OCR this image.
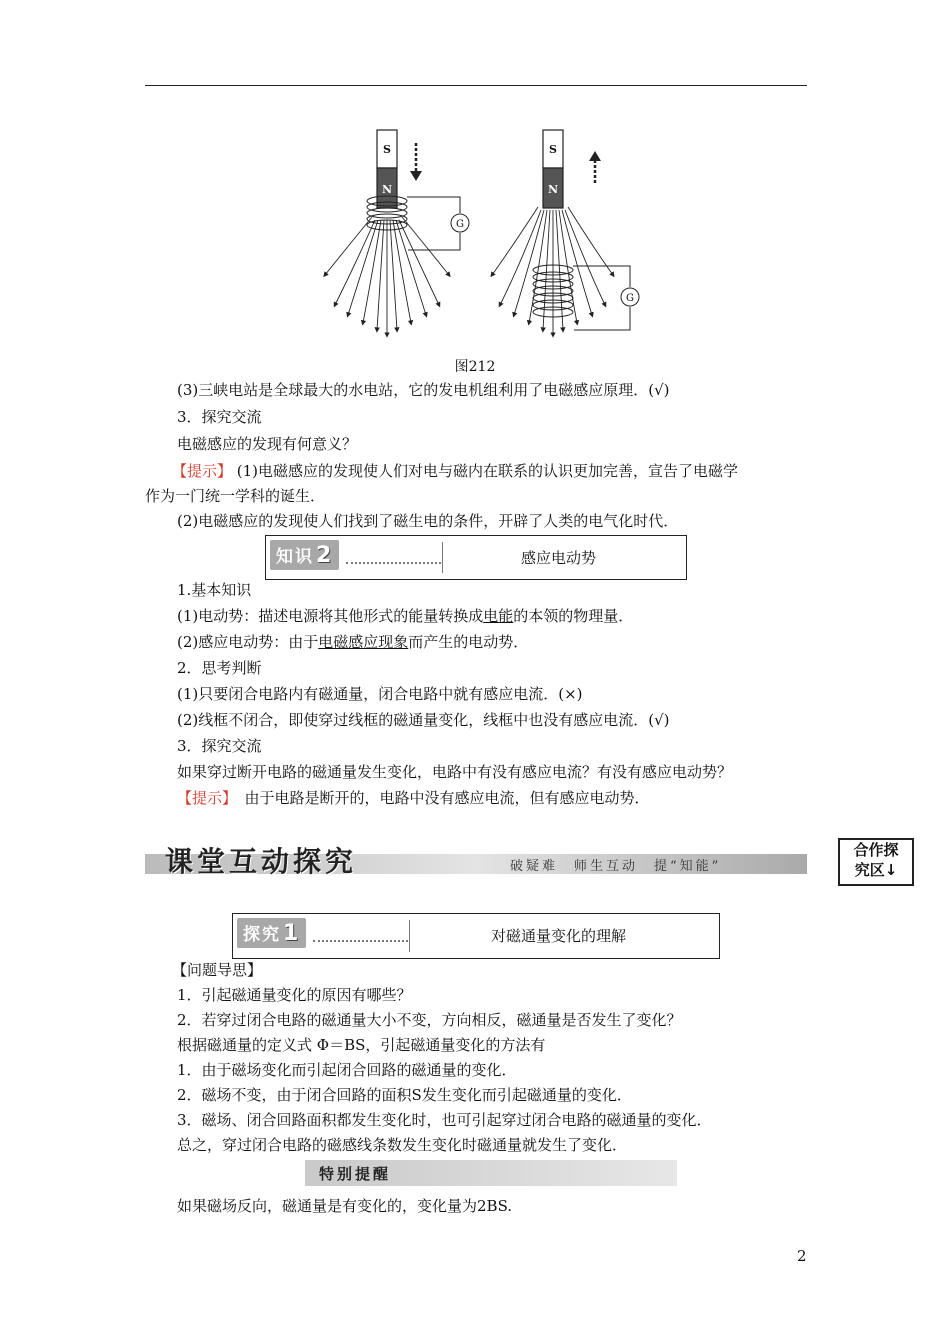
S
N
G
S
N
G
图212
(3)三峡电站是全球最大的水电站，它的发电机组利用了电磁感应原理．(√)
3．探究交流
电磁感应的发现有何意义？
【提示】 (1)电磁感应的发现使人们对电与磁内在联系的认识更加完善，宣告了电磁学
作为一门统一学科的诞生．
(2)电磁感应的发现使人们找到了磁生电的条件，开辟了人类的电气化时代．
知识2	感应电动势
1.基本知识
(1)电动势：描述电源将其他形式的能量转换成电能的本领的物理量．
(2)感应电动势：由于电磁感应现象而产生的电动势．
2．思考判断
(1)只要闭合电路内有磁通量，闭合电路中就有感应电流．(×)
(2)线框不闭合，即使穿过线框的磁通量变化，线框中也没有感应电流．(√)
3．探究交流
如果穿过断开电路的磁通量发生变化，电路中有没有感应电流？有没有感应电动势？
【提示】　由于电路是断开的，电路中没有感应电流，但有感应电动势．
课堂互动探究	破疑难　师生互动　提“知能”
合作探
究区↓
探究1	对磁通量变化的理解
【问题导思】
1．引起磁通量变化的原因有哪些？
2．若穿过闭合电路的磁通量大小不变，方向相反，磁通量是否发生了变化？
根据磁通量的定义式 Φ＝BS，引起磁通量变化的方法有
1．由于磁场变化而引起闭合回路的磁通量的变化．
2．磁场不变，由于闭合回路的面积S发生变化而引起磁通量的变化．
3．磁场、闭合回路面积都发生变化时，也可引起穿过闭合电路的磁通量的变化．
总之，穿过闭合电路的磁感线条数发生变化时磁通量就发生了变化．
特别提醒
如果磁场反向，磁通量是有变化的，变化量为2BS.
2
